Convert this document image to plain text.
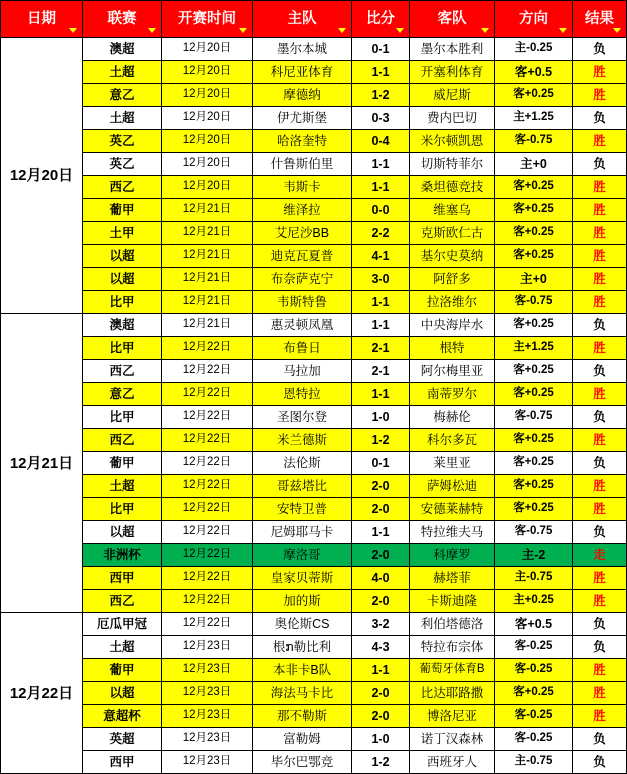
日期	联赛	开赛时间	主队	比分	客队	方向	结果

12月20日	澳超	12月20日	墨尔本城	0-1	墨尔本胜利	主-0.25	负
	土超	12月20日	科尼亚体育	1-1	开塞利体育	客+0.5	胜
	意乙	12月20日	摩德纳	1-2	威尼斯	客+0.25	胜
	土超	12月20日	伊尤斯堡	0-3	费内巴切	主+1.25	负
	英乙	12月20日	哈洛奎特	0-4	米尔顿凯恩	客-0.75	胜
	英乙	12月20日	什鲁斯伯里	1-1	切斯特菲尔	主+0	负
	西乙	12月20日	韦斯卡	1-1	桑坦德竞技	客+0.25	胜
	葡甲	12月21日	维泽拉	0-0	维塞乌	客+0.25	胜
	土甲	12月21日	艾尼沙BB	2-2	克斯欧仁古	客+0.25	胜
	以超	12月21日	迪克瓦夏普	4-1	基尔史莫纳	客+0.25	胜
	以超	12月21日	布奈萨克宁	3-0	阿舒多	主+0	胜
	比甲	12月21日	韦斯特鲁	1-1	拉洛维尔	客-0.75	胜
12月21日	澳超	12月21日	惠灵顿凤凰	1-1	中央海岸水	客+0.25	负
	比甲	12月22日	布鲁日	2-1	根特	主+1.25	胜
	西乙	12月22日	马拉加	2-1	阿尔梅里亚	客+0.25	负
	意乙	12月22日	恩特拉	1-1	南蒂罗尔	客+0.25	胜
	比甲	12月22日	圣图尔登	1-0	梅赫伦	客-0.75	负
	西乙	12月22日	米兰德斯	1-2	科尔多瓦	客+0.25	胜
	葡甲	12月22日	法伦斯	0-1	莱里亚	客+0.25	负
	土超	12月22日	哥兹塔比	2-0	萨姆松迪	客+0.25	胜
	比甲	12月22日	安特卫普	2-0	安德莱赫特	客+0.25	胜
	以超	12月22日	尼姆耶马卡	1-1	特拉维夫马	客-0.75	负
	非洲杯	12月22日	摩洛哥	2-0	科摩罗	主-2	走
	西甲	12月22日	皇家贝蒂斯	4-0	赫塔菲	主-0.75	胜
	西乙	12月22日	加的斯	2-0	卡斯迪隆	主+0.25	胜
12月22日	厄瓜甲冠	12月22日	奥伦斯CS	3-2	利伯塔德洛	客+0.5	负
	土超	12月23日	根ກ勒比利	4-3	特拉布宗体	客-0.25	负
	葡甲	12月23日	本非卡B队	1-1	葡萄牙体育B	客-0.25	胜
	以超	12月23日	海法马卡比	2-0	比达耶路撒	客+0.25	胜
	意超杯	12月23日	那不勒斯	2-0	博洛尼亚	客-0.25	胜
	英超	12月23日	富勒姆	1-0	诺丁汉森林	客-0.25	负
	西甲	12月23日	毕尔巴鄂竞	1-2	西班牙人	主-0.75	负
